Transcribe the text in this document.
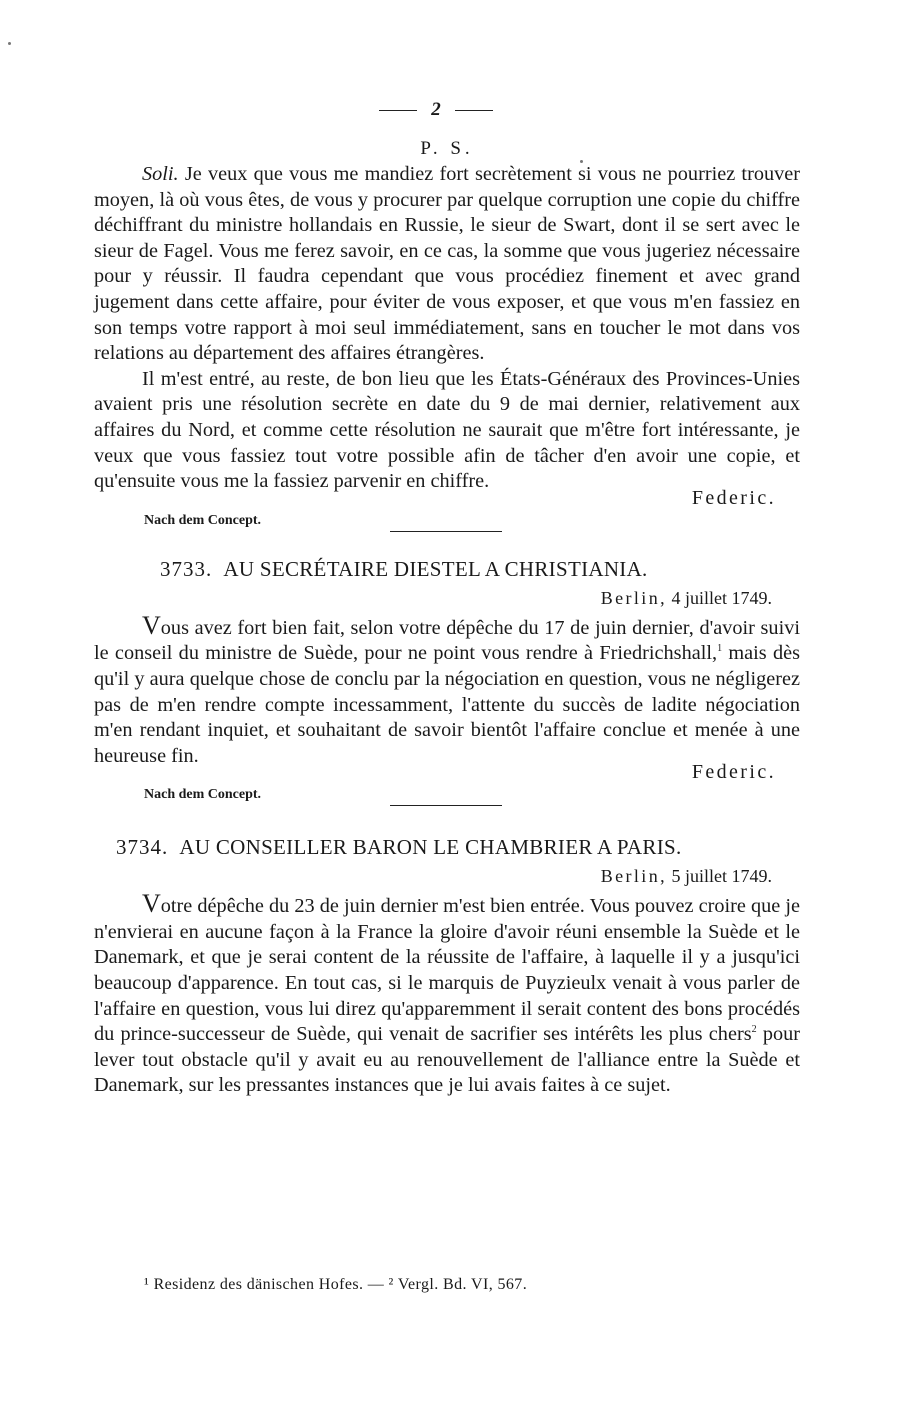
2
P. S.

Soli. Je veux que vous me mandiez fort secrètement si vous ne pourriez trouver moyen, là où vous êtes, de vous y procurer par quelque corruption une copie du chiffre déchiffrant du ministre hollandais en Russie, le sieur de Swart, dont il se sert avec le sieur de Fagel. Vous me ferez savoir, en ce cas, la somme que vous jugeriez nécessaire pour y réussir. Il faudra cependant que vous procédiez finement et avec grand jugement dans cette affaire, pour éviter de vous exposer, et que vous m'en fassiez en son temps votre rapport à moi seul immédiatement, sans en toucher le mot dans vos relations au département des affaires étrangères.

Il m'est entré, au reste, de bon lieu que les États-Généraux des Provinces-Unies avaient pris une résolution secrète en date du 9 de mai dernier, relativement aux affaires du Nord, et comme cette résolution ne saurait que m'être fort intéressante, je veux que vous fassiez tout votre possible afin de tâcher d'en avoir une copie, et qu'ensuite vous me la fassiez parvenir en chiffre.

Federic.
Nach dem Concept.
3733. AU SECRÉTAIRE DIESTEL A CHRISTIANIA.
Berlin, 4 juillet 1749.

Vous avez fort bien fait, selon votre dépêche du 17 de juin dernier, d'avoir suivi le conseil du ministre de Suède, pour ne point vous rendre à Friedrichshall,$^1$ mais dès qu'il y aura quelque chose de conclu par la négociation en question, vous ne négligerez pas de m'en rendre compte incessamment, l'attente du succès de ladite négociation m'en rendant inquiet, et souhaitant de savoir bientôt l'affaire conclue et menée à une heureuse fin.

Federic.
Nach dem Concept.
3734. AU CONSEILLER BARON LE CHAMBRIER A PARIS.
Berlin, 5 juillet 1749.

Votre dépêche du 23 de juin dernier m'est bien entrée. Vous pouvez croire que je n'envierai en aucune façon à la France la gloire d'avoir réuni ensemble la Suède et le Danemark, et que je serai content de la réussite de l'affaire, à laquelle il y a jusqu'ici beaucoup d'apparence. En tout cas, si le marquis de Puyzieulx venait à vous parler de l'affaire en question, vous lui direz qu'apparemment il serait content des bons procédés du prince-successeur de Suède, qui venait de sacrifier ses intérêts les plus chers$^2$ pour lever tout obstacle qu'il y avait eu au renouvellement de l'alliance entre la Suède et Danemark, sur les pressantes instances que je lui avais faites à ce sujet.

¹ Residenz des dänischen Hofes. — ² Vergl. Bd. VI, 567.
